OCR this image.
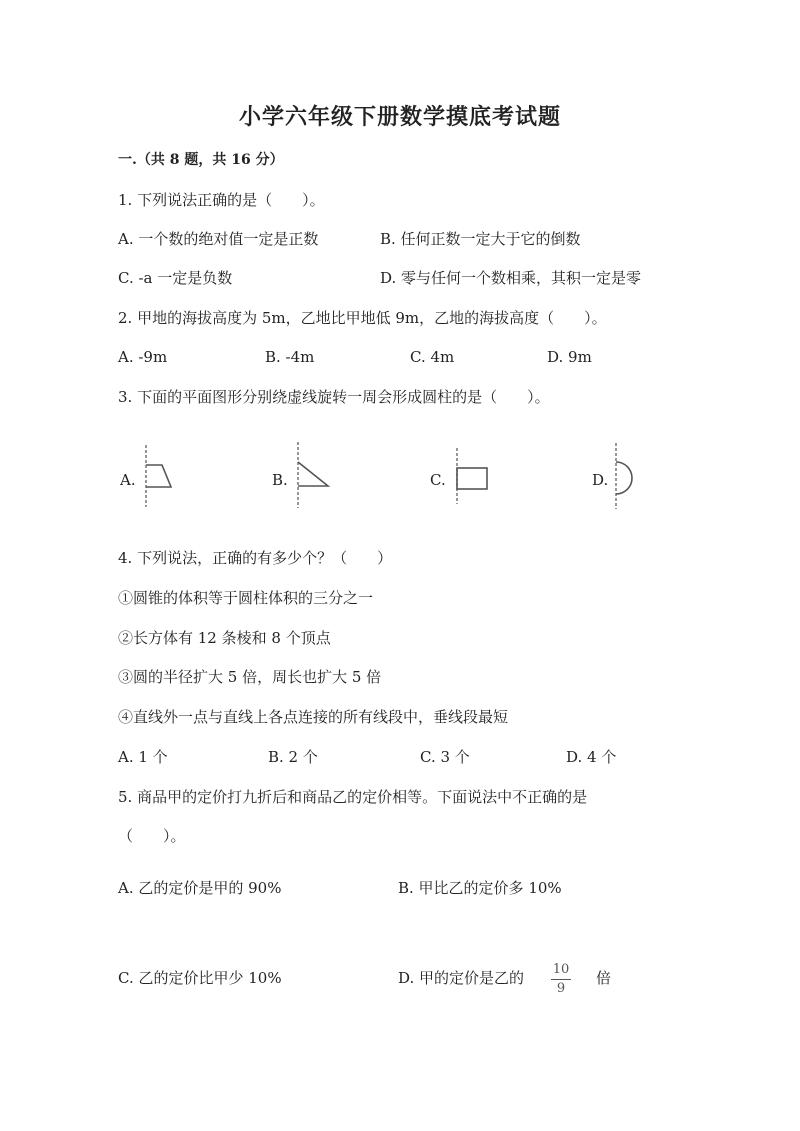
小学六年级下册数学摸底考试题
一.（共 8 题，共 16 分）
1. 下列说法正确的是（　　）。
A. 一个数的绝对值一定是正数	B. 任何正数一定大于它的倒数
C. -a 一定是负数	D. 零与任何一个数相乘，其积一定是零
2. 甲地的海拔高度为 5m，乙地比甲地低 9m，乙地的海拔高度（　　）。
A. -9m	B. -4m	C. 4m	D. 9m
3. 下面的平面图形分别绕虚线旋转一周会形成圆柱的是（　　）。
A.	B.	C.	D.
4. 下列说法，正确的有多少个？（　　）
①圆锥的体积等于圆柱体积的三分之一
②长方体有 12 条棱和 8 个顶点
③圆的半径扩大 5 倍，周长也扩大 5 倍
④直线外一点与直线上各点连接的所有线段中，垂线段最短
A. 1 个	B. 2 个	C. 3 个	D. 4 个
5. 商品甲的定价打九折后和商品乙的定价相等。下面说法中不正确的是
（　　）。
A. 乙的定价是甲的 90%	B. 甲比乙的定价多 10%
C. 乙的定价比甲少 10%	D. 甲的定价是乙的	10
9
倍
